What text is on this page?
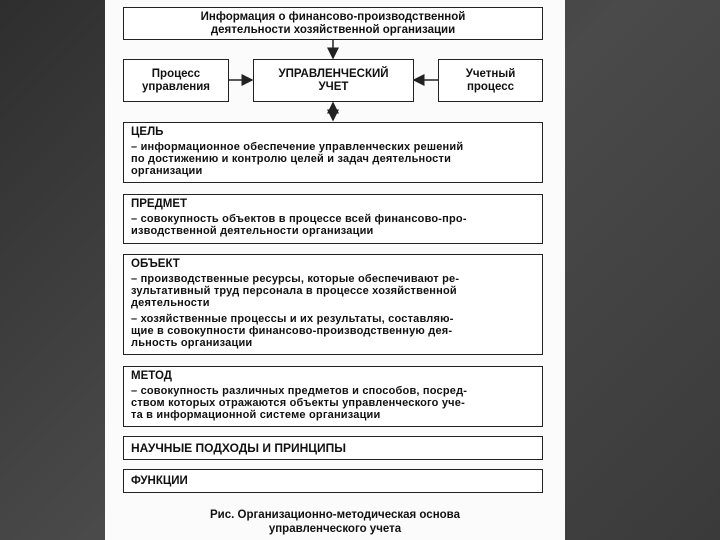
Информация о финансово-производственной
деятельности хозяйственной организации
Процесс
управления
УПРАВЛЕНЧЕСКИЙ
УЧЕТ
Учетный
процесс
ЦЕЛЬ
– информационное обеспечение управленческих решений
по достижению и контролю целей и задач деятельности
организации
ПРЕДМЕТ
– совокупность объектов в процессе всей финансово-про-
изводственной деятельности организации
ОБЪЕКТ
– производственные ресурсы, которые обеспечивают ре-
зультативный труд персонала в процессе хозяйственной
деятельности
– хозяйственные процессы и их результаты, составляю-
щие в совокупности финансово-производственную дея-
льность организации
МЕТОД
– совокупность различных предметов и способов, посред-
ством которых отражаются объекты управленческого уче-
та в информационной системе организации
НАУЧНЫЕ ПОДХОДЫ И ПРИНЦИПЫ
ФУНКЦИИ
Рис. Организационно-методическая основа
управленческого учета
